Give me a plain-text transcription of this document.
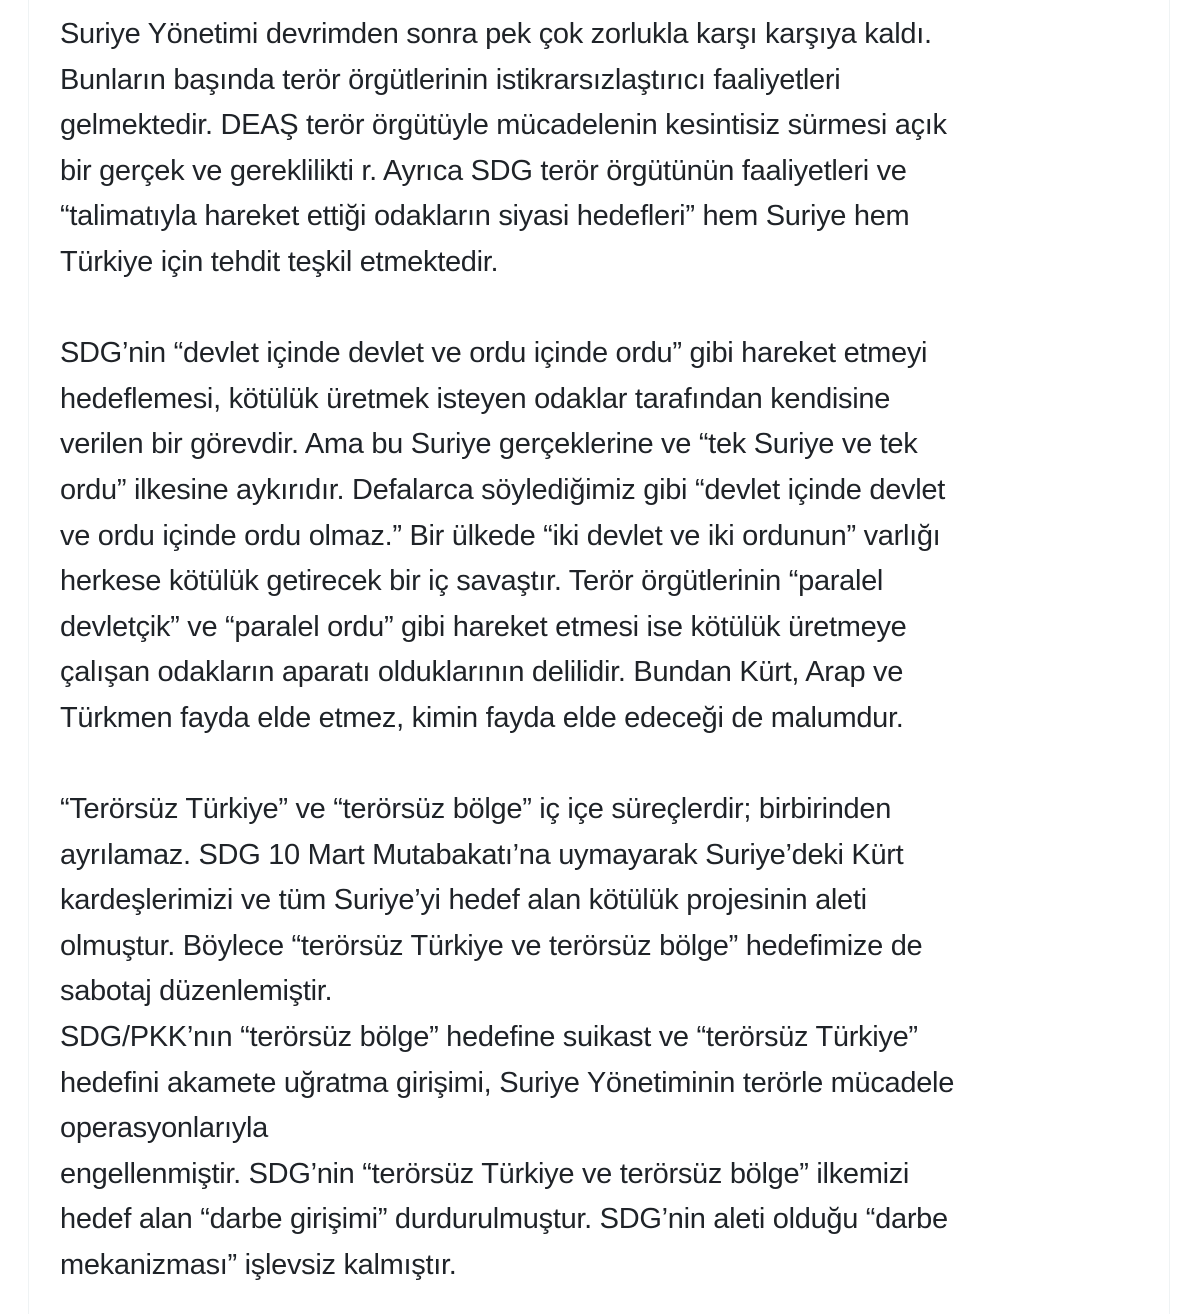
Suriye Yönetimi devrimden sonra pek çok zorlukla karşı karşıya kaldı.
Bunların başında terör örgütlerinin istikrarsızlaştırıcı faaliyetleri
gelmektedir. DEAŞ terör örgütüyle mücadelenin kesintisiz sürmesi açık
bir gerçek ve gereklilikti r. Ayrıca SDG terör örgütünün faaliyetleri ve
“talimatıyla hareket ettiği odakların siyasi hedefleri” hem Suriye hem
Türkiye için tehdit teşkil etmektedir.
SDG’nin “devlet içinde devlet ve ordu içinde ordu” gibi hareket etmeyi
hedeflemesi, kötülük üretmek isteyen odaklar tarafından kendisine
verilen bir görevdir. Ama bu Suriye gerçeklerine ve “tek Suriye ve tek
ordu” ilkesine aykırıdır. Defalarca söylediğimiz gibi “devlet içinde devlet
ve ordu içinde ordu olmaz.” Bir ülkede “iki devlet ve iki ordunun” varlığı
herkese kötülük getirecek bir iç savaştır. Terör örgütlerinin “paralel
devletçik” ve “paralel ordu” gibi hareket etmesi ise kötülük üretmeye
çalışan odakların aparatı olduklarının delilidir. Bundan Kürt, Arap ve
Türkmen fayda elde etmez, kimin fayda elde edeceği de malumdur.
“Terörsüz Türkiye” ve “terörsüz bölge” iç içe süreçlerdir; birbirinden
ayrılamaz. SDG 10 Mart Mutabakatı’na uymayarak Suriye’deki Kürt
kardeşlerimizi ve tüm Suriye’yi hedef alan kötülük projesinin aleti
olmuştur. Böylece “terörsüz Türkiye ve terörsüz bölge” hedefimize de
sabotaj düzenlemiştir.
SDG/PKK’nın “terörsüz bölge” hedefine suikast ve “terörsüz Türkiye”
hedefini akamete uğratma girişimi, Suriye Yönetiminin terörle mücadele
operasyonlarıyla
engellenmiştir. SDG’nin “terörsüz Türkiye ve terörsüz bölge” ilkemizi
hedef alan “darbe girişimi” durdurulmuştur. SDG’nin aleti olduğu “darbe
mekanizması” işlevsiz kalmıştır.
